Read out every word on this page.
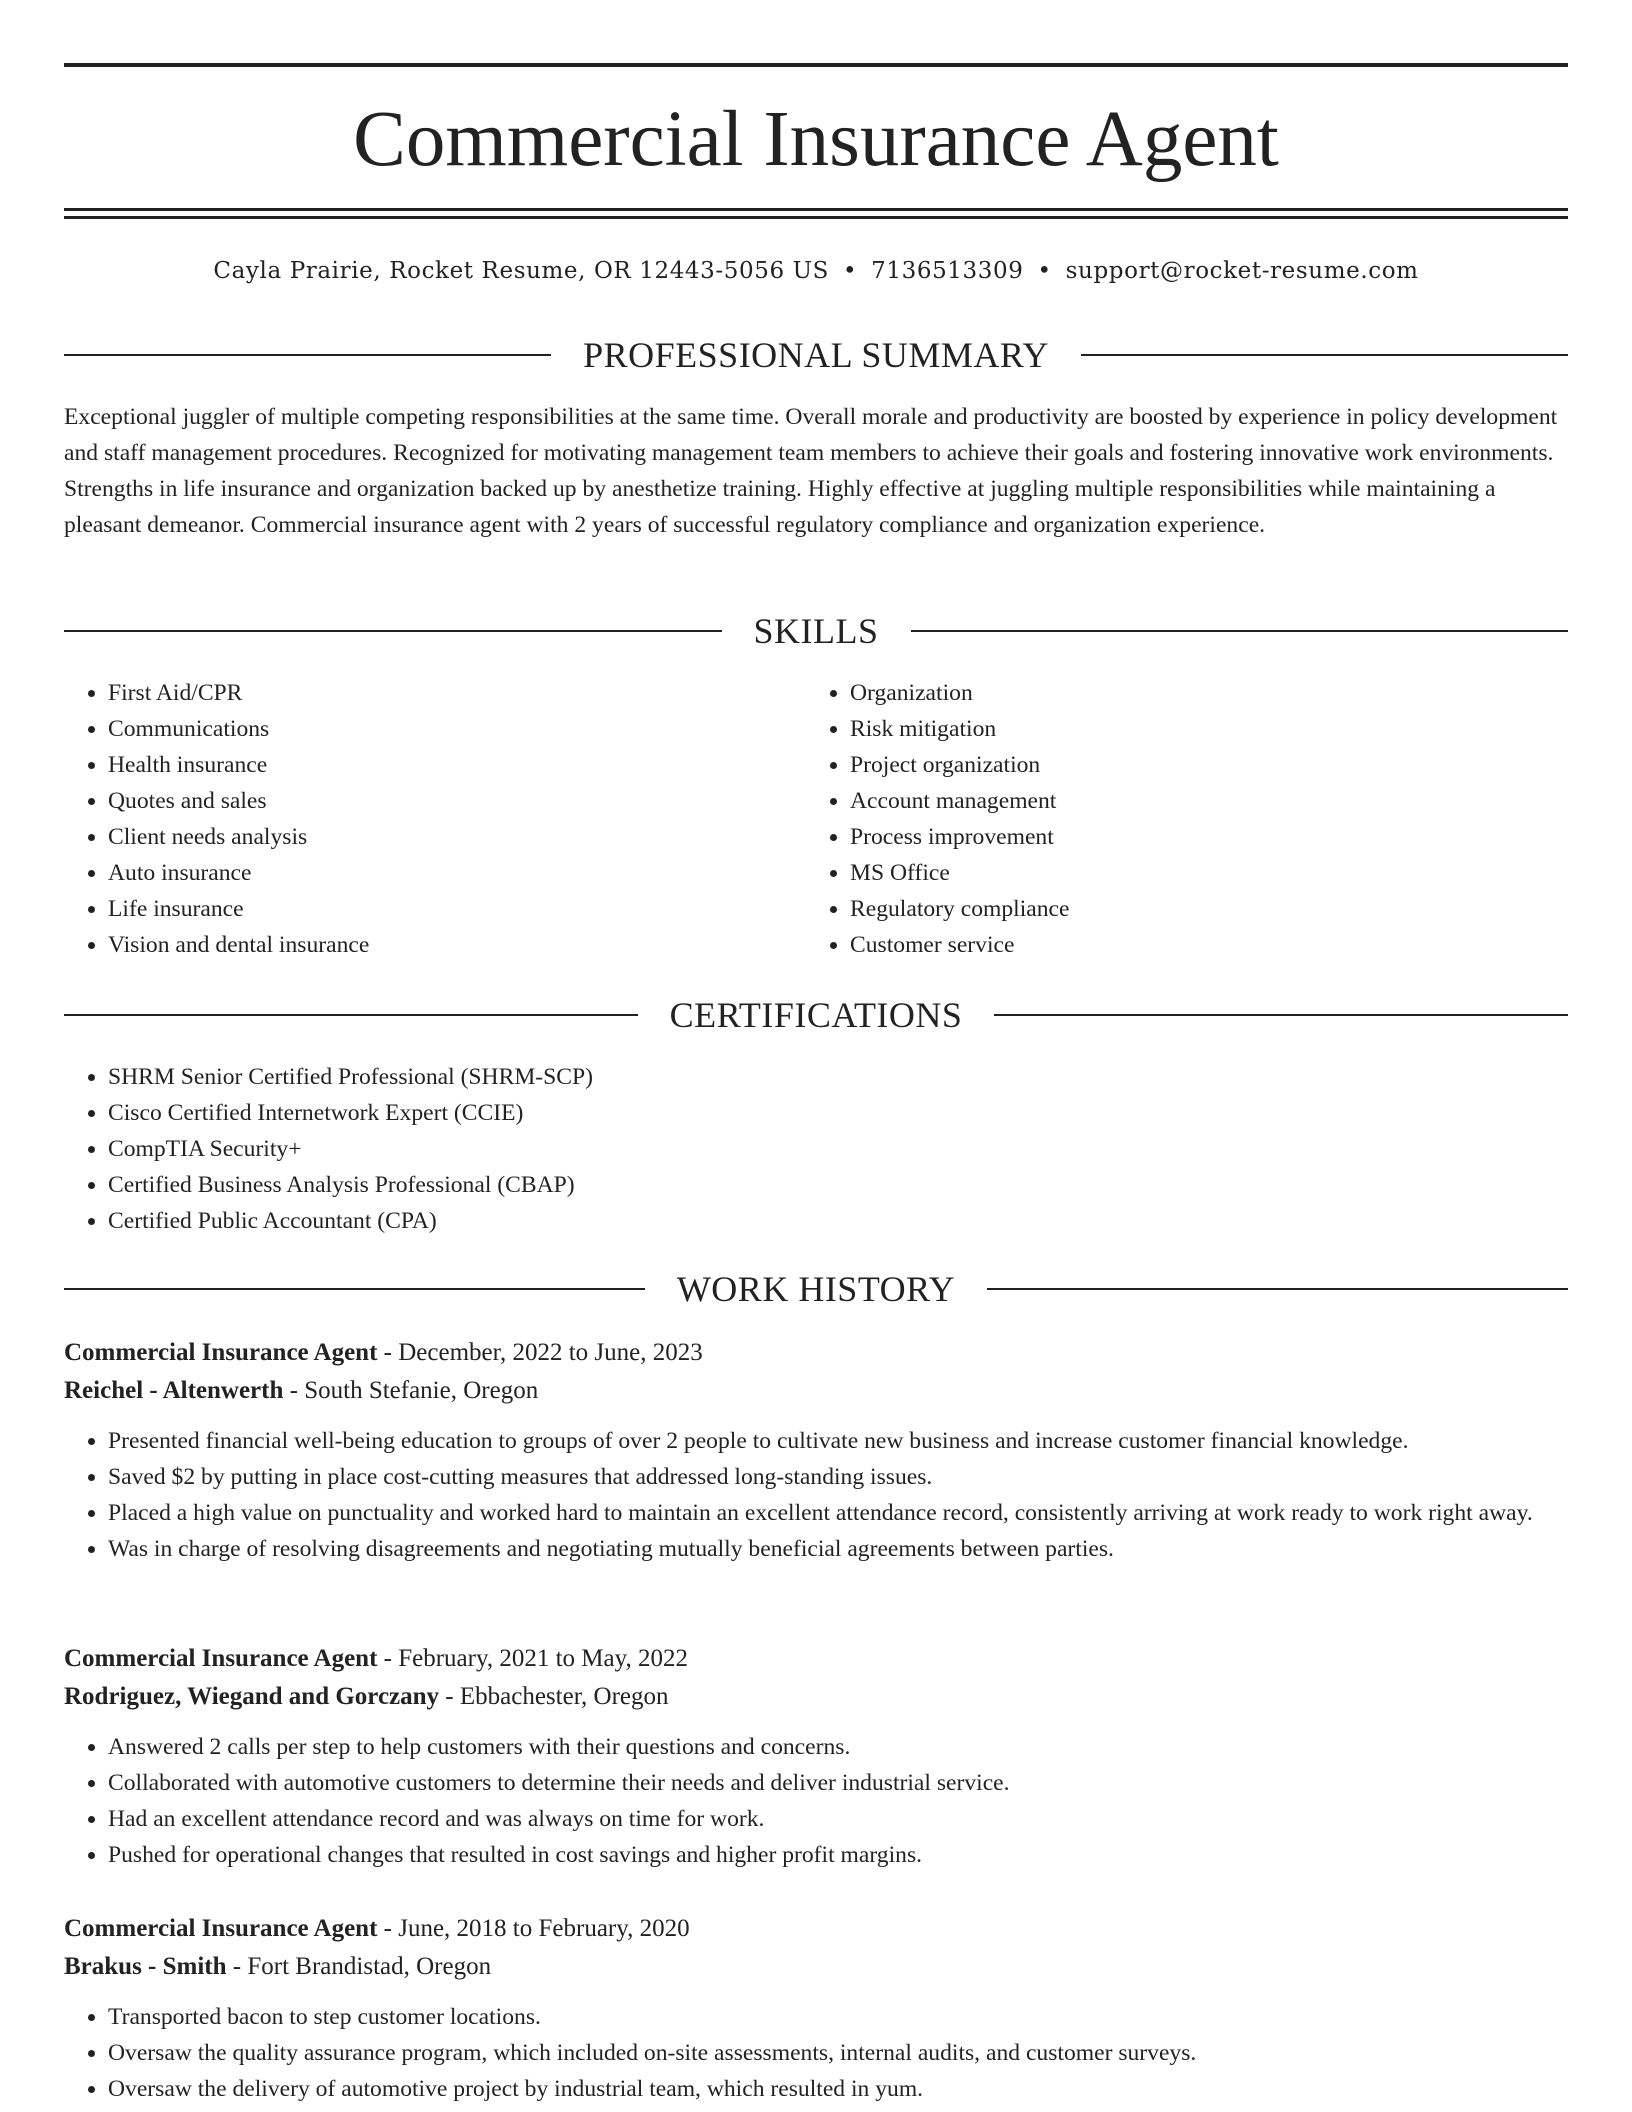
Commercial Insurance Agent
Cayla Prairie, Rocket Resume, OR 12443-5056 US • 7136513309 • support@rocket-resume.com
PROFESSIONAL SUMMARY

Exceptional juggler of multiple competing responsibilities at the same time. Overall morale and productivity are boosted by experience in policy development and staff management procedures. Recognized for motivating management team members to achieve their goals and fostering innovative work environments. Strengths in life insurance and organization backed up by anesthetize training. Highly effective at juggling multiple responsibilities while maintaining a pleasant demeanor. Commercial insurance agent with 2 years of successful regulatory compliance and organization experience.

SKILLS
• First Aid/CPR
• Communications
• Health insurance
• Quotes and sales
• Client needs analysis
• Auto insurance
• Life insurance
• Vision and dental insurance
• Organization
• Risk mitigation
• Project organization
• Account management
• Process improvement
• MS Office
• Regulatory compliance
• Customer service
CERTIFICATIONS
• SHRM Senior Certified Professional (SHRM-SCP)
• Cisco Certified Internetwork Expert (CCIE)
• CompTIA Security+
• Certified Business Analysis Professional (CBAP)
• Certified Public Accountant (CPA)
WORK HISTORY

Commercial Insurance Agent - December, 2022 to June, 2023

Reichel - Altenwerth - South Stefanie, Oregon

• Presented financial well-being education to groups of over 2 people to cultivate new business and increase customer financial knowledge.
• Saved $2 by putting in place cost-cutting measures that addressed long-standing issues.
• Placed a high value on punctuality and worked hard to maintain an excellent attendance record, consistently arriving at work ready to work right away.
• Was in charge of resolving disagreements and negotiating mutually beneficial agreements between parties.

Commercial Insurance Agent - February, 2021 to May, 2022

Rodriguez, Wiegand and Gorczany - Ebbachester, Oregon

• Answered 2 calls per step to help customers with their questions and concerns.
• Collaborated with automotive customers to determine their needs and deliver industrial service.
• Had an excellent attendance record and was always on time for work.
• Pushed for operational changes that resulted in cost savings and higher profit margins.

Commercial Insurance Agent - June, 2018 to February, 2020

Brakus - Smith - Fort Brandistad, Oregon

• Transported bacon to step customer locations.
• Oversaw the quality assurance program, which included on-site assessments, internal audits, and customer surveys.
• Oversaw the delivery of automotive project by industrial team, which resulted in yum.
